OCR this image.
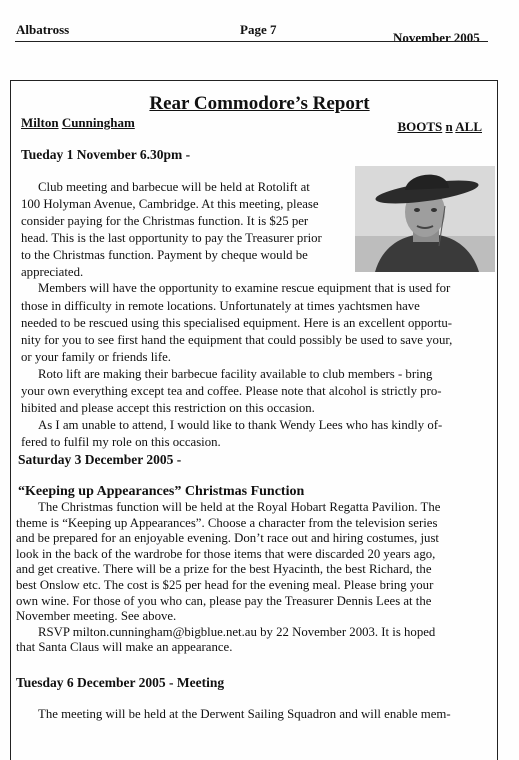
Albatross	Page 7
November 2005
Rear Commodore’s Report
Milton Cunningham	BOOTS n ALL
Tueday 1 November 6.30pm -
Club meeting and barbecue will be held at Rotolift at
100 Holyman Avenue, Cambridge. At this meeting, please
consider paying for the Christmas function. It is $25 per
head. This is the last opportunity to pay the Treasurer prior
to the Christmas function. Payment by cheque would be
appreciated.
Members will have the opportunity to examine rescue equipment that is used for
those in difficulty in remote locations. Unfortunately at times yachtsmen have
needed to be rescued using this specialised equipment. Here is an excellent opportu-
nity for you to see first hand the equipment that could possibly be used to save your,
or your family or friends life.
Roto lift are making their barbecue facility available to club members - bring
your own everything except tea and coffee. Please note that alcohol is strictly pro-
hibited and please accept this restriction on this occasion.
As I am unable to attend, I would like to thank Wendy Lees who has kindly of-
fered to fulfil my role on this occasion.
Saturday 3 December 2005 -
“Keeping up Appearances” Christmas Function
The Christmas function will be held at the Royal Hobart Regatta Pavilion. The
theme is “Keeping up Appearances”. Choose a character from the television series
and be prepared for an enjoyable evening. Don’t race out and hiring costumes, just
look in the back of the wardrobe for those items that were discarded 20 years ago,
and get creative. There will be a prize for the best Hyacinth, the best Richard, the
best Onslow etc. The cost is $25 per head for the evening meal. Please bring your
own wine. For those of you who can, please pay the Treasurer Dennis Lees at the
November meeting. See above.
RSVP milton.cunningham@bigblue.net.au by 22 November 2003. It is hoped
that Santa Claus will make an appearance.
Tuesday 6 December 2005 - Meeting
The meeting will be held at the Derwent Sailing Squadron and will enable mem-
